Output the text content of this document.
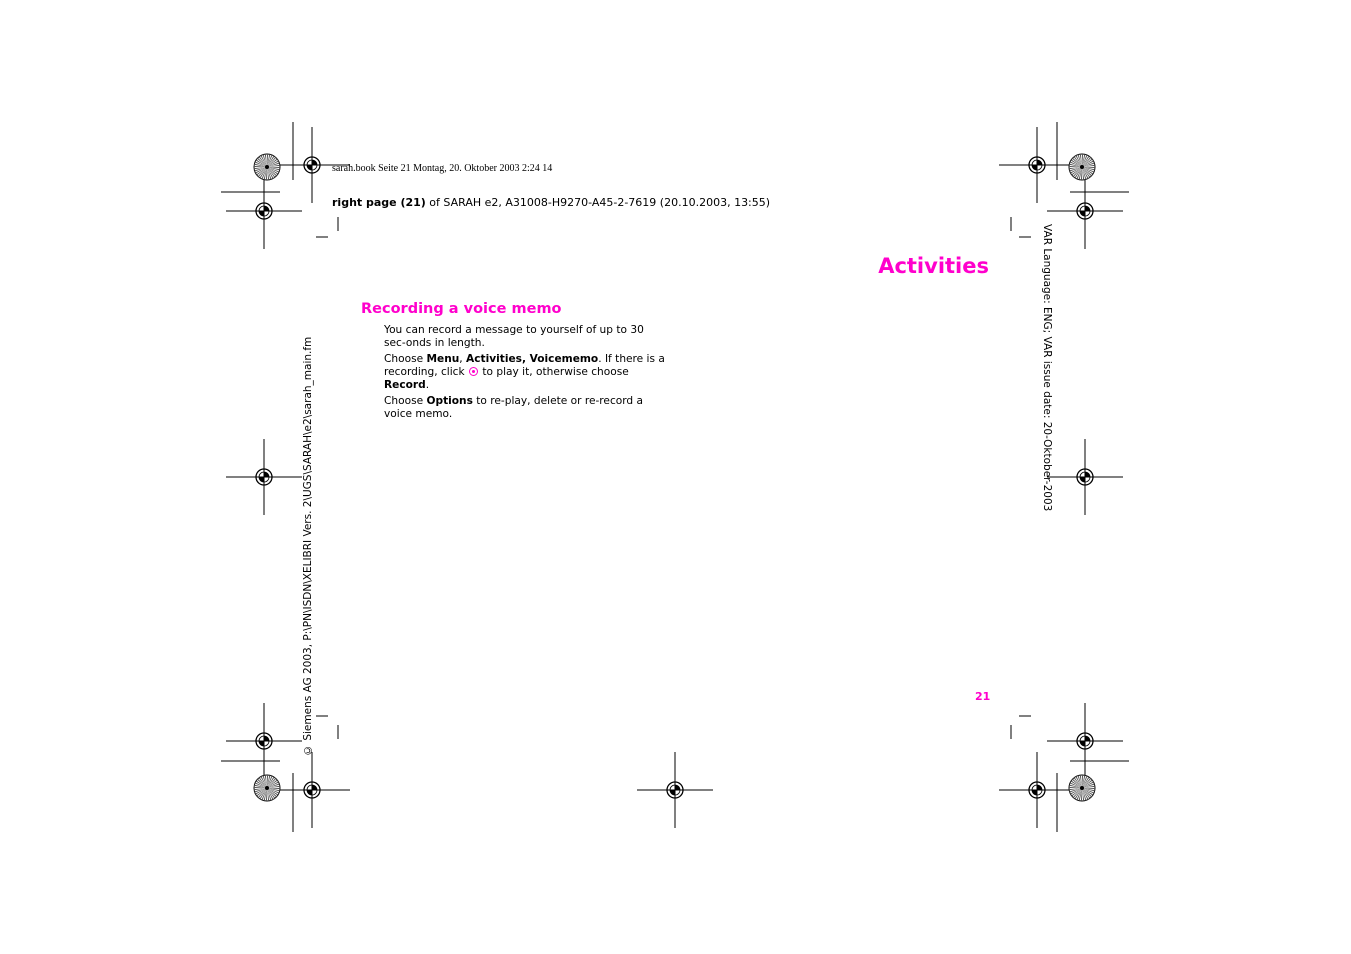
sarah.book Seite 21 Montag, 20. Oktober 2003 2:24 14
right page (21) of SARAH e2, A31008-H9270-A45-2-7619 (20.10.2003, 13:55)
Activities
Recording a voice memo

You can record a message to yourself of up to 30 sec-onds in length.

Choose Menu, Activities, Voicememo. If there is a recording, click  to play it, otherwise choose Record.

Choose Options to re-play, delete or re-record a voice memo.

21
© Siemens AG 2003, P:\PN\ISDN\XELIBRI Vers. 2\UGS\SARAH\e2\sarah_main.fm	VAR Language: ENG; VAR issue date: 20-Oktober-2003
